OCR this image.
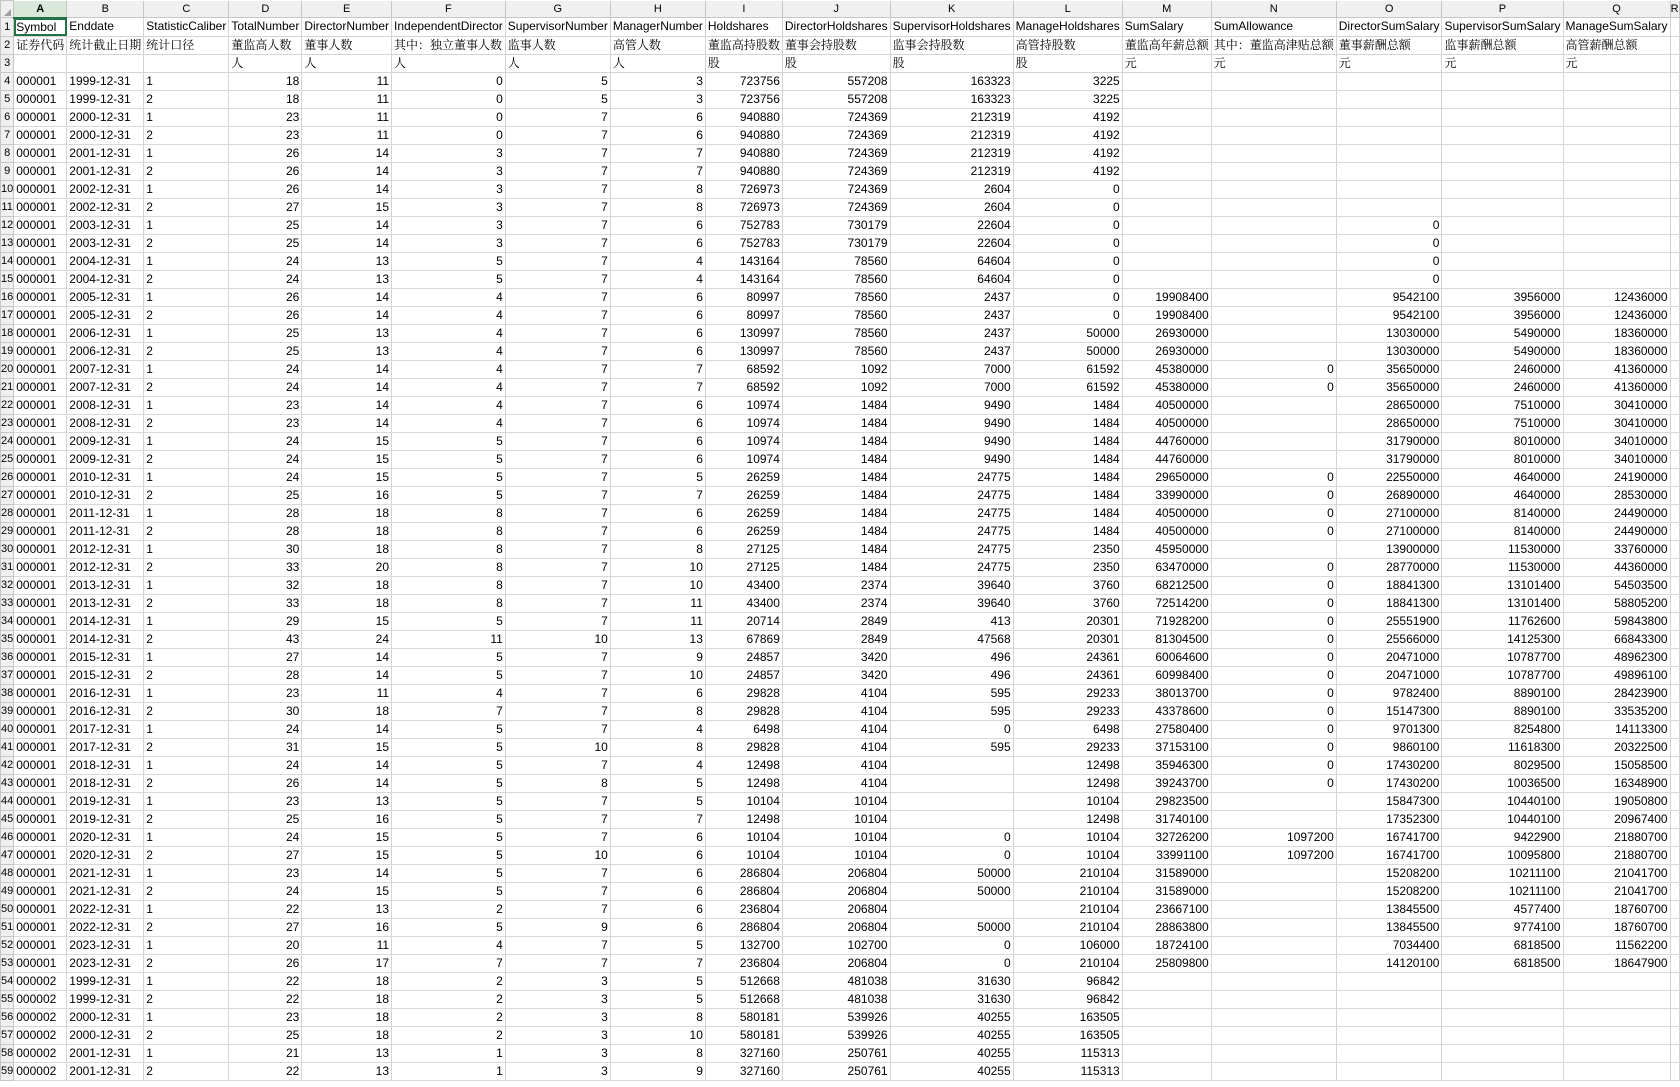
	A	B	C	D	E	F	G	H	I	J	K	L	M	N	O	P	Q	R
1	Symbol	Enddate	StatisticCaliber	TotalNumber	DirectorNumber	IndependentDirector	SupervisorNumber	ManagerNumber	Holdshares	DirectorHoldshares	SupervisorHoldshares	ManageHoldshares	SumSalary	SumAllowance	DirectorSumSalary	SupervisorSumSalary	ManageSumSalary	
2	证券代码	统计截止日期	统计口径	董监高人数	董事人数	其中：独立董事人数	监事人数	高管人数	董监高持股数	董事会持股数	监事会持股数	高管持股数	董监高年薪总额	其中：董监高津贴总额	董事薪酬总额	监事薪酬总额	高管薪酬总额	
3				人	人	人	人	人	股	股	股	股	元	元	元	元	元	
4	000001	1999-12-31	1	18	11	0	5	3	723756	557208	163323	3225						
5	000001	1999-12-31	2	18	11	0	5	3	723756	557208	163323	3225						
6	000001	2000-12-31	1	23	11	0	7	6	940880	724369	212319	4192						
7	000001	2000-12-31	2	23	11	0	7	6	940880	724369	212319	4192						
8	000001	2001-12-31	1	26	14	3	7	7	940880	724369	212319	4192						
9	000001	2001-12-31	2	26	14	3	7	7	940880	724369	212319	4192						
10	000001	2002-12-31	1	26	14	3	7	8	726973	724369	2604	0						
11	000001	2002-12-31	2	27	15	3	7	8	726973	724369	2604	0						
12	000001	2003-12-31	1	25	14	3	7	6	752783	730179	22604	0			0			
13	000001	2003-12-31	2	25	14	3	7	6	752783	730179	22604	0			0			
14	000001	2004-12-31	1	24	13	5	7	4	143164	78560	64604	0			0			
15	000001	2004-12-31	2	24	13	5	7	4	143164	78560	64604	0			0			
16	000001	2005-12-31	1	26	14	4	7	6	80997	78560	2437	0	19908400		9542100	3956000	12436000	
17	000001	2005-12-31	2	26	14	4	7	6	80997	78560	2437	0	19908400		9542100	3956000	12436000	
18	000001	2006-12-31	1	25	13	4	7	6	130997	78560	2437	50000	26930000		13030000	5490000	18360000	
19	000001	2006-12-31	2	25	13	4	7	6	130997	78560	2437	50000	26930000		13030000	5490000	18360000	
20	000001	2007-12-31	1	24	14	4	7	7	68592	1092	7000	61592	45380000	0	35650000	2460000	41360000	
21	000001	2007-12-31	2	24	14	4	7	7	68592	1092	7000	61592	45380000	0	35650000	2460000	41360000	
22	000001	2008-12-31	1	23	14	4	7	6	10974	1484	9490	1484	40500000		28650000	7510000	30410000	
23	000001	2008-12-31	2	23	14	4	7	6	10974	1484	9490	1484	40500000		28650000	7510000	30410000	
24	000001	2009-12-31	1	24	15	5	7	6	10974	1484	9490	1484	44760000		31790000	8010000	34010000	
25	000001	2009-12-31	2	24	15	5	7	6	10974	1484	9490	1484	44760000		31790000	8010000	34010000	
26	000001	2010-12-31	1	24	15	5	7	5	26259	1484	24775	1484	29650000	0	22550000	4640000	24190000	
27	000001	2010-12-31	2	25	16	5	7	7	26259	1484	24775	1484	33990000	0	26890000	4640000	28530000	
28	000001	2011-12-31	1	28	18	8	7	6	26259	1484	24775	1484	40500000	0	27100000	8140000	24490000	
29	000001	2011-12-31	2	28	18	8	7	6	26259	1484	24775	1484	40500000	0	27100000	8140000	24490000	
30	000001	2012-12-31	1	30	18	8	7	8	27125	1484	24775	2350	45950000		13900000	11530000	33760000	
31	000001	2012-12-31	2	33	20	8	7	10	27125	1484	24775	2350	63470000	0	28770000	11530000	44360000	
32	000001	2013-12-31	1	32	18	8	7	10	43400	2374	39640	3760	68212500	0	18841300	13101400	54503500	
33	000001	2013-12-31	2	33	18	8	7	11	43400	2374	39640	3760	72514200	0	18841300	13101400	58805200	
34	000001	2014-12-31	1	29	15	5	7	11	20714	2849	413	20301	71928200	0	25551900	11762600	59843800	
35	000001	2014-12-31	2	43	24	11	10	13	67869	2849	47568	20301	81304500	0	25566000	14125300	66843300	
36	000001	2015-12-31	1	27	14	5	7	9	24857	3420	496	24361	60064600	0	20471000	10787700	48962300	
37	000001	2015-12-31	2	28	14	5	7	10	24857	3420	496	24361	60998400	0	20471000	10787700	49896100	
38	000001	2016-12-31	1	23	11	4	7	6	29828	4104	595	29233	38013700	0	9782400	8890100	28423900	
39	000001	2016-12-31	2	30	18	7	7	8	29828	4104	595	29233	43378600	0	15147300	8890100	33535200	
40	000001	2017-12-31	1	24	14	5	7	4	6498	4104	0	6498	27580400	0	9701300	8254800	14113300	
41	000001	2017-12-31	2	31	15	5	10	8	29828	4104	595	29233	37153100	0	9860100	11618300	20322500	
42	000001	2018-12-31	1	24	14	5	7	4	12498	4104		12498	35946300	0	17430200	8029500	15058500	
43	000001	2018-12-31	2	26	14	5	8	5	12498	4104		12498	39243700	0	17430200	10036500	16348900	
44	000001	2019-12-31	1	23	13	5	7	5	10104	10104		10104	29823500		15847300	10440100	19050800	
45	000001	2019-12-31	2	25	16	5	7	7	12498	10104		12498	31740100		17352300	10440100	20967400	
46	000001	2020-12-31	1	24	15	5	7	6	10104	10104	0	10104	32726200	1097200	16741700	9422900	21880700	
47	000001	2020-12-31	2	27	15	5	10	6	10104	10104	0	10104	33991100	1097200	16741700	10095800	21880700	
48	000001	2021-12-31	1	23	14	5	7	6	286804	206804	50000	210104	31589000		15208200	10211100	21041700	
49	000001	2021-12-31	2	24	15	5	7	6	286804	206804	50000	210104	31589000		15208200	10211100	21041700	
50	000001	2022-12-31	1	22	13	2	7	6	236804	206804		210104	23667100		13845500	4577400	18760700	
51	000001	2022-12-31	2	27	16	5	9	6	286804	206804	50000	210104	28863800		13845500	9774100	18760700	
52	000001	2023-12-31	1	20	11	4	7	5	132700	102700	0	106000	18724100		7034400	6818500	11562200	
53	000001	2023-12-31	2	26	17	7	7	7	236804	206804	0	210104	25809800		14120100	6818500	18647900	
54	000002	1999-12-31	1	22	18	2	3	5	512668	481038	31630	96842						
55	000002	1999-12-31	2	22	18	2	3	5	512668	481038	31630	96842						
56	000002	2000-12-31	1	23	18	2	3	8	580181	539926	40255	163505						
57	000002	2000-12-31	2	25	18	2	3	10	580181	539926	40255	163505						
58	000002	2001-12-31	1	21	13	1	3	8	327160	250761	40255	115313						
59	000002	2001-12-31	2	22	13	1	3	9	327160	250761	40255	115313						
